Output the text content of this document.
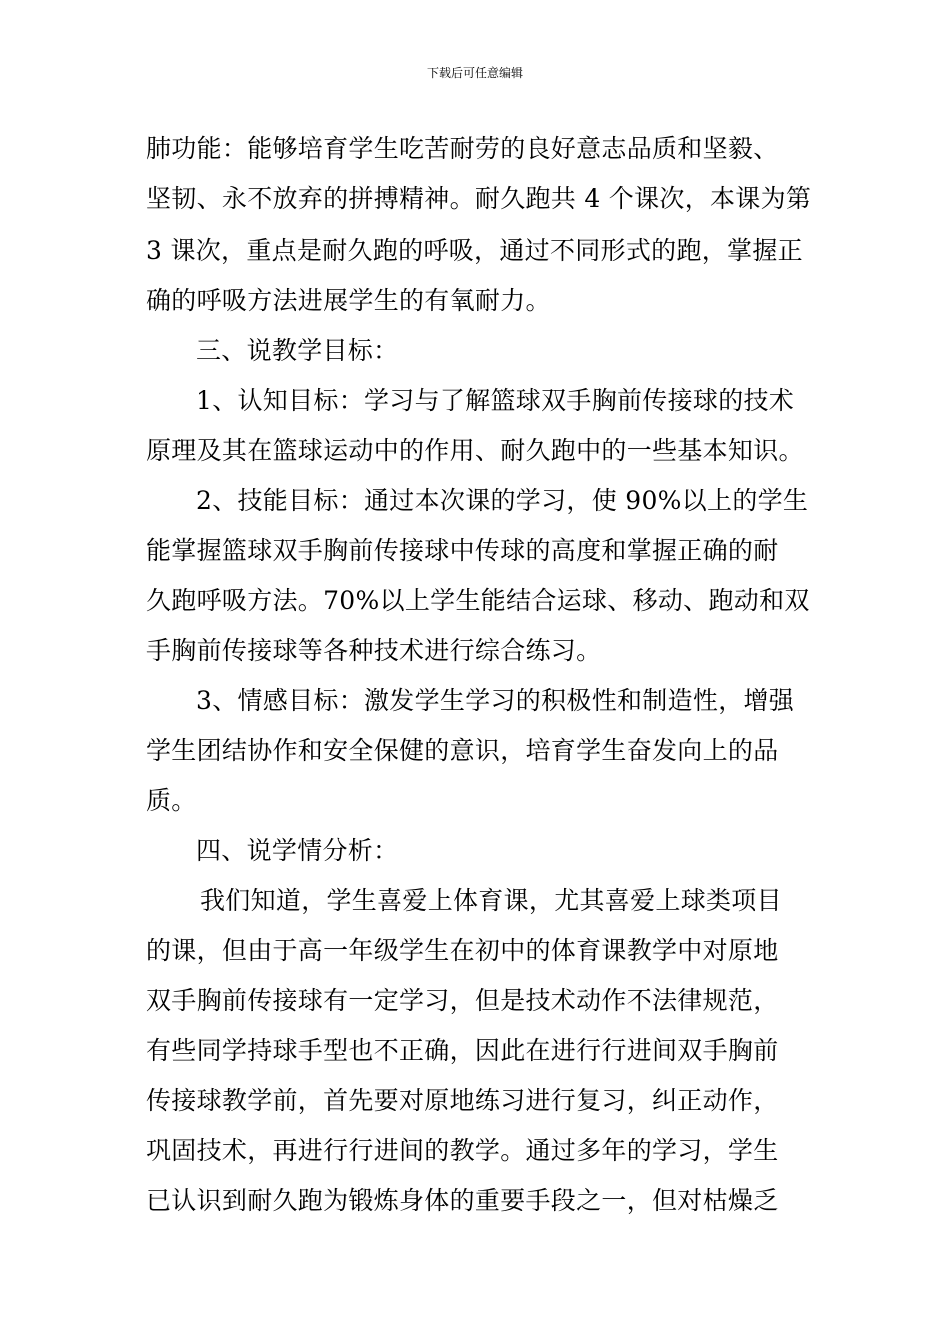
下载后可任意编辑
肺功能：能够培育学生吃苦耐劳的良好意志品质和坚毅、
坚韧、永不放弃的拼搏精神。耐久跑共 4 个课次，本课为第
3 课次，重点是耐久跑的呼吸，通过不同形式的跑，掌握正
确的呼吸方法进展学生的有氧耐力。
三、说教学目标：
1、认知目标：学习与了解篮球双手胸前传接球的技术
原理及其在篮球运动中的作用、耐久跑中的一些基本知识。
2、技能目标：通过本次课的学习，使 90%以上的学生
能掌握篮球双手胸前传接球中传球的高度和掌握正确的耐
久跑呼吸方法。70%以上学生能结合运球、移动、跑动和双
手胸前传接球等各种技术进行综合练习。
3、情感目标：激发学生学习的积极性和制造性，增强
学生团结协作和安全保健的意识，培育学生奋发向上的品
质。
四、说学情分析：
我们知道，学生喜爱上体育课，尤其喜爱上球类项目
的课，但由于高一年级学生在初中的体育课教学中对原地
双手胸前传接球有一定学习，但是技术动作不法律规范，
有些同学持球手型也不正确，因此在进行行进间双手胸前
传接球教学前，首先要对原地练习进行复习，纠正动作，
巩固技术，再进行行进间的教学。通过多年的学习，学生
已认识到耐久跑为锻炼身体的重要手段之一，但对枯燥乏
